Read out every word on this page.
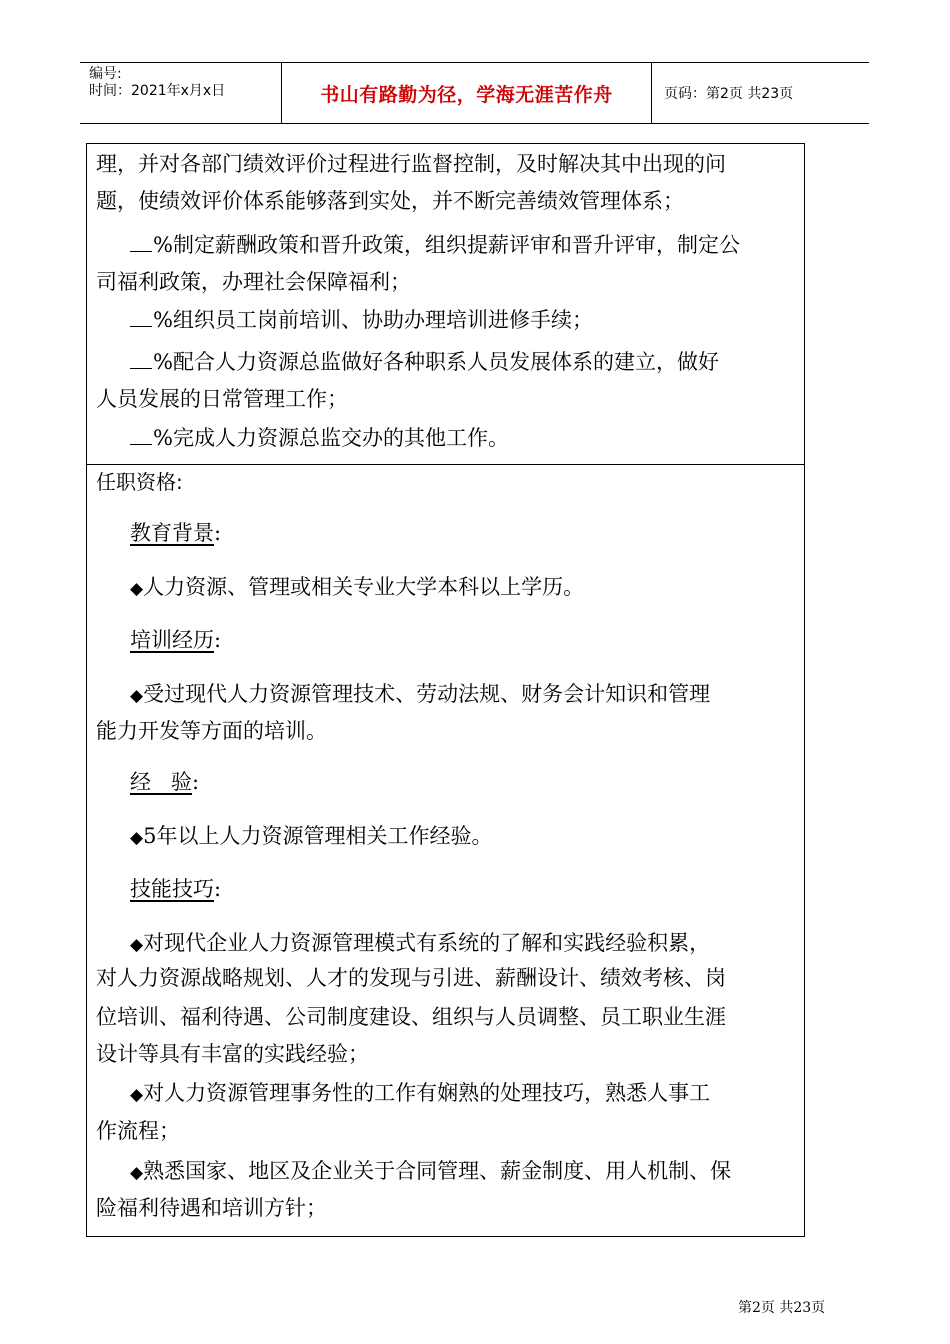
编号:
时间：2021年x月x日	书山有路勤为径，学海无涯苦作舟	页码：第2页 共23页
理，并对各部门绩效评价过程进行监督控制，及时解决其中出现的问
题，使绩效评价体系能够落到实处，并不断完善绩效管理体系；
%制定薪酬政策和晋升政策，组织提薪评审和晋升评审，制定公
司福利政策，办理社会保障福利；
%组织员工岗前培训、协助办理培训进修手续；
%配合人力资源总监做好各种职系人员发展体系的建立，做好
人员发展的日常管理工作；
%完成人力资源总监交办的其他工作。
任职资格:
教育背景:
◆人力资源、管理或相关专业大学本科以上学历。
培训经历:
◆受过现代人力资源管理技术、劳动法规、财务会计知识和管理
能力开发等方面的培训。
经   验:
◆5年以上人力资源管理相关工作经验。
技能技巧:
◆对现代企业人力资源管理模式有系统的了解和实践经验积累，
对人力资源战略规划、人才的发现与引进、薪酬设计、绩效考核、岗
位培训、福利待遇、公司制度建设、组织与人员调整、员工职业生涯
设计等具有丰富的实践经验；
◆对人力资源管理事务性的工作有娴熟的处理技巧，熟悉人事工
作流程；
◆熟悉国家、地区及企业关于合同管理、薪金制度、用人机制、保
险福利待遇和培训方针；
第2页 共23页
